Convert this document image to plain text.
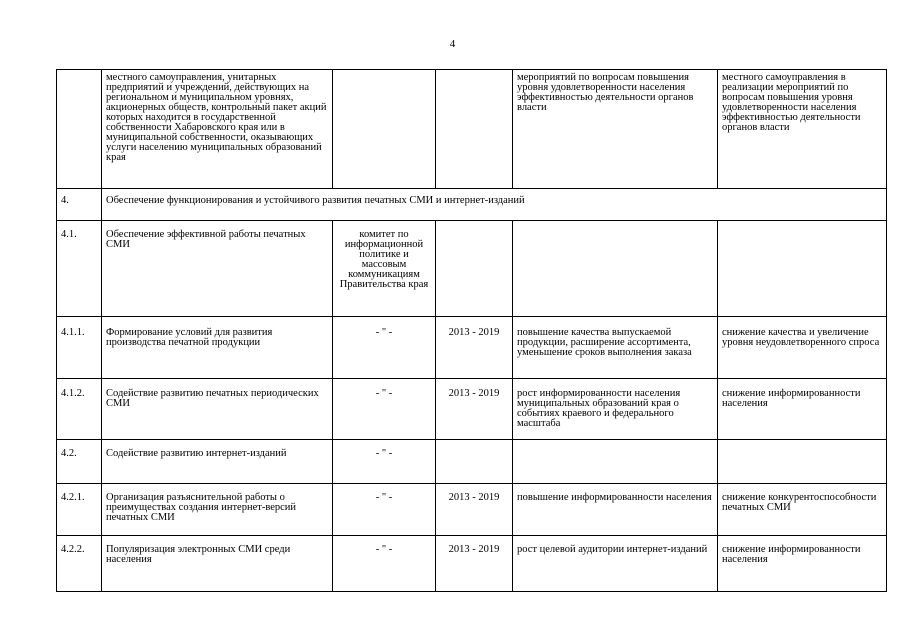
4
	местного самоуправления, унитарных предприятий и учреждений, действующих на региональном и муниципальном уровнях, акционерных обществ, контрольный пакет акций которых находится в государственной собственности Хабаровского края или в муниципальной собственности, оказывающих услуги населению муниципальных образований края			мероприятий по вопросам повышения уровня удовлетворенности населения эффективностью деятельности органов власти	местного самоуправления в реализации мероприятий по вопросам повышения уровня удовлетворенности населения эффективностью деятельности органов власти
4.	Обеспечение функционирования и устойчивого развития печатных СМИ и интернет-изданий				
4.1.	Обеспечение эффективной работы печатных СМИ	комитет по информационной политике и массовым коммуникациям Правительства края			
4.1.1.	Формирование условий для развития производства печатной продукции	- " -	2013 - 2019	повышение качества выпускаемой продукции, расширение ассортимента, уменьшение сроков выполнения заказа	снижение качества и увеличение уровня неудовлетворенного спроса
4.1.2.	Содействие развитию печатных периодических СМИ	- " -	2013 - 2019	рост информированности населения муниципальных образований края о событиях краевого и федерального масштаба	снижение информированности населения
4.2.	Содействие развитию интернет-изданий	- " -			
4.2.1.	Организация разъяснительной работы о преимуществах создания интернет-версий печатных СМИ	- " -	2013 - 2019	повышение информированности населения	снижение конкурентоспособности печатных СМИ
4.2.2.	Популяризация электронных СМИ среди населения	- " -	2013 - 2019	рост целевой аудитории интернет-изданий	снижение информированности населения
